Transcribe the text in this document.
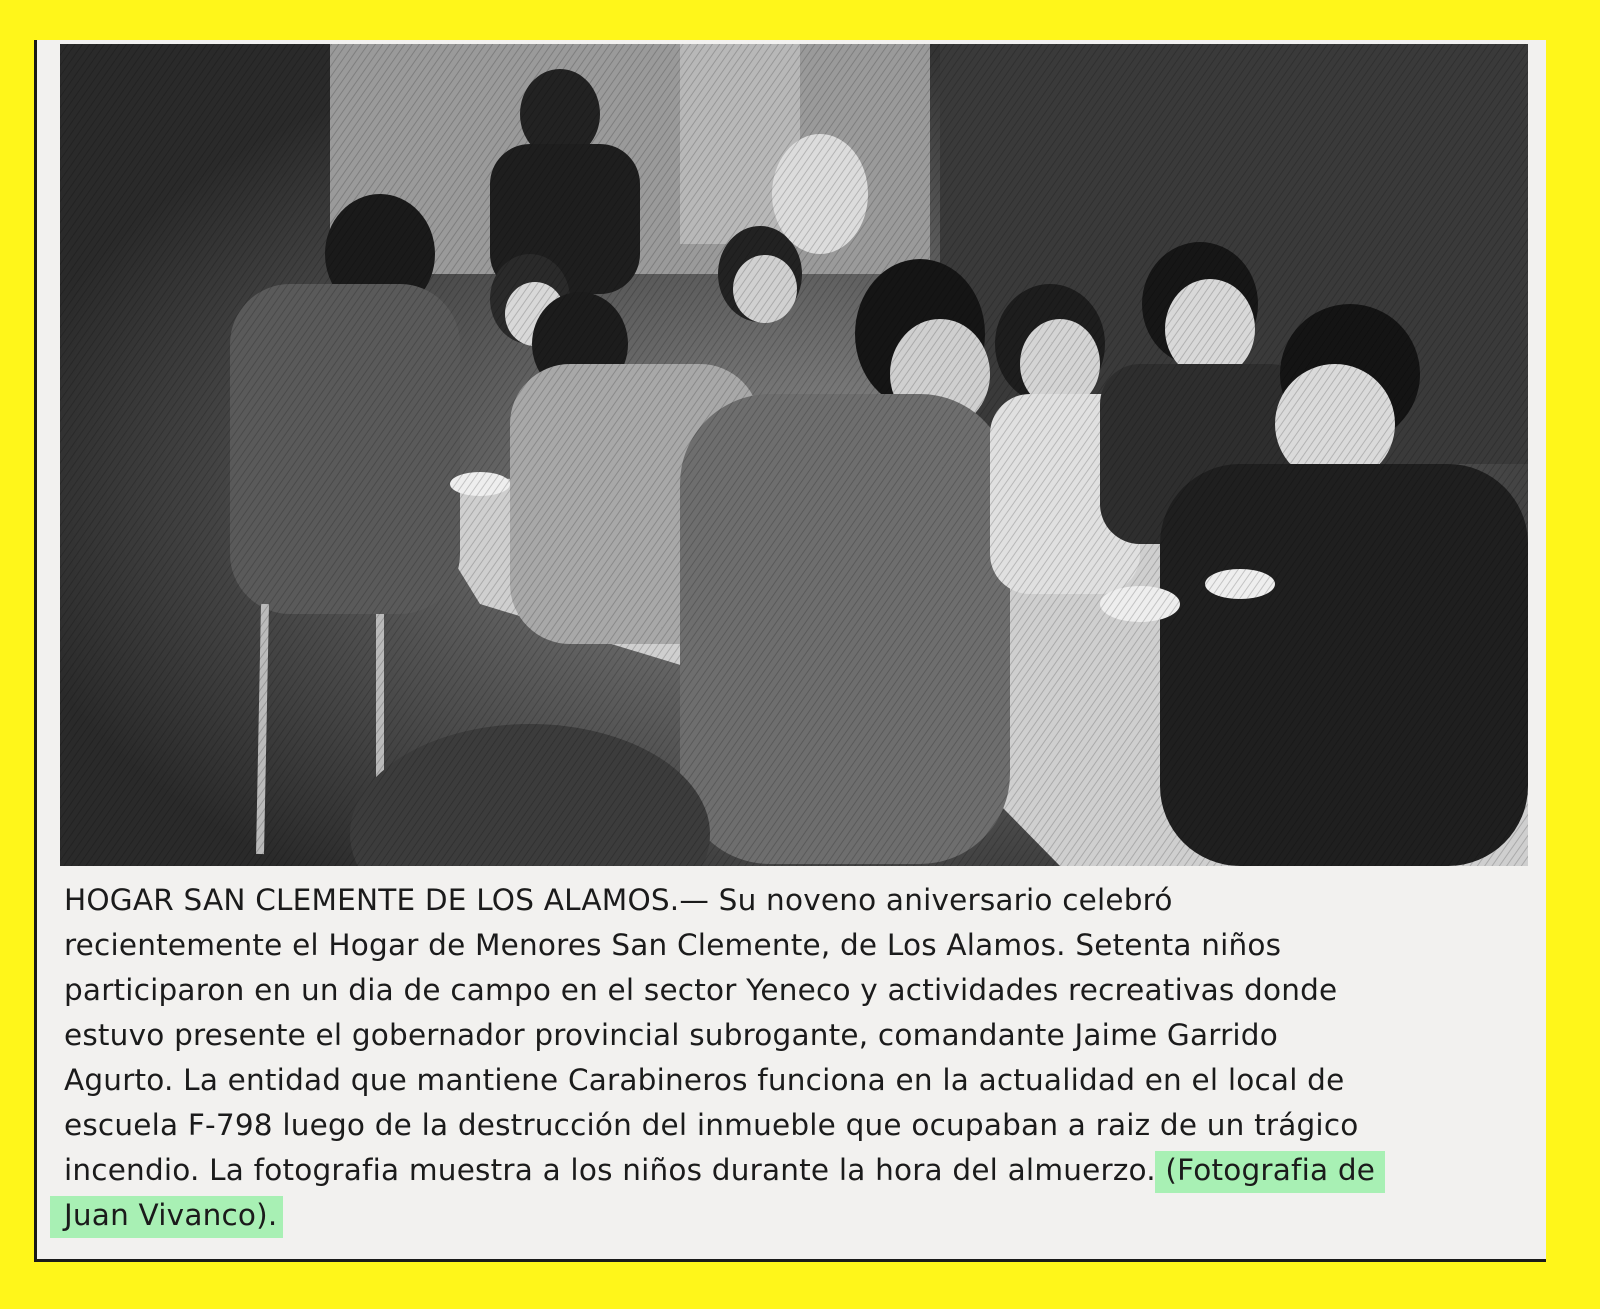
HOGAR SAN CLEMENTE DE LOS ALAMOS.— Su noveno aniversario celebró
recientemente el Hogar de Menores San Clemente, de Los Alamos. Setenta niños
participaron en un dia de campo en el sector Yeneco y actividades recreativas donde
estuvo presente el gobernador provincial subrogante, comandante Jaime Garrido
Agurto. La entidad que mantiene Carabineros funciona en la actualidad en el local de
escuela F-798 luego de la destrucción del inmueble que ocupaban a raiz de un trágico
incendio. La fotografia muestra a los niños durante la hora del almuerzo. (Fotografia de
Juan Vivanco).
